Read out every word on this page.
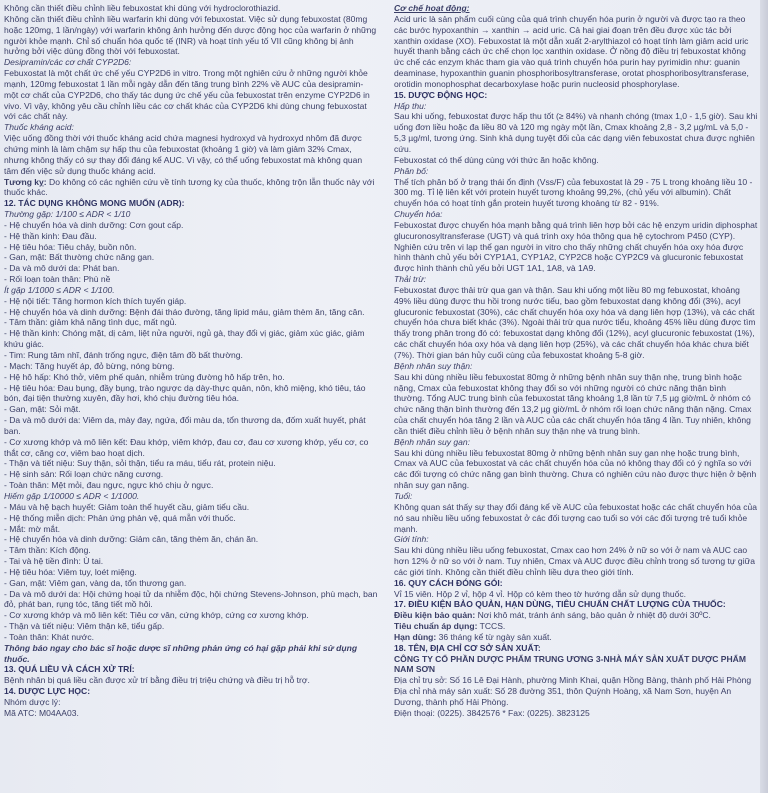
Không cần thiết điều chỉnh liều febuxostat khi dùng với hydroclorothiazid.

Không cần thiết điều chỉnh liều warfarin khi dùng với febuxostat. Việc sử dụng febuxostat (80mg hoặc 120mg, 1 lần/ngày) với warfarin không ảnh hưởng đến dược động học của warfarin ở những người khỏe mạnh. Chỉ số chuẩn hóa quốc tế (INR) và hoạt tính yếu tố VII cũng không bị ảnh hưởng bởi việc dùng đồng thời với febuxostat.

Desipramin/các cơ chất CYP2D6:

Febuxostat là một chất ức chế yếu CYP2D6 in vitro. Trong một nghiên cứu ở những người khỏe mạnh, 120mg febuxostat 1 lần mỗi ngày dẫn đến tăng trung bình 22% về AUC của desipramin- một cơ chất của CYP2D6, cho thấy tác dụng ức chế yếu của febuxostat trên enzyme CYP2D6 in vivo. Vì vậy, không yêu cầu chỉnh liều các cơ chất khác của CYP2D6 khi dùng chung febuxostat với các chất này.

Thuốc kháng acid:

Việc uống đồng thời với thuốc kháng acid chứa magnesi hydroxyd và hydroxyd nhôm đã được chứng minh là làm chậm sự hấp thu của febuxostat (khoảng 1 giờ) và làm giảm 32% Cmax, nhưng không thấy có sự thay đổi đáng kể AUC. Vì vậy, có thể uống febuxostat mà không quan tâm đến việc sử dụng thuốc kháng acid.

Tương kỵ: Do không có các nghiên cứu về tính tương kỵ của thuốc, không trộn lẫn thuốc này với thuốc khác.

12. TÁC DỤNG KHÔNG MONG MUỐN (ADR):

Thường gặp: 1/100 ≤ ADR < 1/10

- Hệ chuyển hóa và dinh dưỡng: Cơn gout cấp.

- Hệ thần kinh: Đau đầu.

- Hệ tiêu hóa: Tiêu chảy, buồn nôn.

- Gan, mật: Bất thường chức năng gan.

- Da và mô dưới da: Phát ban.

- Rối loạn toàn thân: Phù nề

Ít gặp 1/1000 ≤ ADR < 1/100.

- Hệ nội tiết: Tăng hormon kích thích tuyến giáp.

- Hệ chuyển hóa và dinh dưỡng: Bệnh đái tháo đường, tăng lipid máu, giảm thèm ăn, tăng cân.

- Tâm thần: giảm khả năng tình dục, mất ngủ.

- Hệ thần kinh: Chóng mặt, dị cảm, liệt nửa người, ngủ gà, thay đổi vị giác, giảm xúc giác, giảm khứu giác.

- Tim: Rung tâm nhĩ, đánh trống ngực, điện tâm đồ bất thường.

- Mạch: Tăng huyết áp, đỏ bừng, nóng bừng.

- Hệ hô hấp: Khó thở, viêm phế quản, nhiễm trùng đường hô hấp trên, ho.

- Hệ tiêu hóa: Đau bụng, đầy bụng, trào ngược dạ dày-thực quản, nôn, khô miệng, khó tiêu, táo bón, đại tiện thường xuyên, đầy hơi, khó chịu đường tiêu hóa.

- Gan, mật: Sỏi mật.

- Da và mô dưới da: Viêm da, mày đay, ngứa, đổi màu da, tổn thương da, đốm xuất huyết, phát ban.

- Cơ xương khớp và mô liên kết: Đau khớp, viêm khớp, đau cơ, đau cơ xương khớp, yếu cơ, co thắt cơ, căng cơ, viêm bao hoạt dịch.

- Thận và tiết niệu: Suy thận, sỏi thận, tiểu ra máu, tiểu rát, protein niệu.

- Hệ sinh sản: Rối loạn chức năng cương.

- Toàn thân: Mệt mỏi, đau ngực, ngực khó chịu ở ngực.

Hiếm gặp 1/10000 ≤ ADR < 1/1000.

- Máu và hệ bạch huyết: Giảm toàn thể huyết cầu, giảm tiểu cầu.

- Hệ thống miễn dịch: Phản ứng phản vệ, quá mẫn với thuốc.

- Mắt: mờ mắt.

- Hệ chuyển hóa và dinh dưỡng: Giảm cân, tăng thèm ăn, chán ăn.

- Tâm thần: Kích động.

- Tai và hệ tiền đình: Ù tai.

- Hệ tiêu hóa: Viêm tụy, loét miệng.

- Gan, mật: Viêm gan, vàng da, tổn thương gan.

- Da và mô dưới da: Hội chứng hoại tử da nhiễm độc, hội chứng Stevens-Johnson, phù mạch, ban đỏ, phát ban, rụng tóc, tăng tiết mồ hôi.

- Cơ xương khớp và mô liên kết: Tiêu cơ vân, cứng khớp, cứng cơ xương khớp.

- Thận và tiết niệu: Viêm thận kẽ, tiểu gấp.

- Toàn thân: Khát nước.

Thông báo ngay cho bác sĩ hoặc dược sĩ những phản ứng có hại gặp phải khi sử dụng thuốc.

13. QUÁ LIỀU VÀ CÁCH XỬ TRÍ:

Bệnh nhân bị quá liều cần được xử trí bằng điều trị triệu chứng và điều trị hỗ trợ.

14. DƯỢC LỰC HỌC:

Nhóm dược lý:

Mã ATC: M04AA03.

Cơ chế hoạt động:

Acid uric là sản phẩm cuối cùng của quá trình chuyển hóa purin ở người và được tạo ra theo các bước hypoxanthin → xanthin → acid uric. Cả hai giai đoạn trên đều được xúc tác bởi xanthin oxidase (XO). Febuxostat là một dẫn xuất 2-arylthiazol có hoạt tính làm giảm acid uric huyết thanh bằng cách ức chế chọn lọc xanthin oxidase. Ở nồng độ điều trị febuxostat không ức chế các enzym khác tham gia vào quá trình chuyển hóa purin hay pyrimidin như: guanin deaminase, hypoxanthin guanin phosphoribosyltransferase, orotat phosphoribosyltransferase, orotidin monophosphat decarboxylase hoặc purin nucleosid phosphorylase.

15. DƯỢC ĐỘNG HỌC:

Hấp thu:

Sau khi uống, febuxostat được hấp thu tốt (≥ 84%) và nhanh chóng (tmax 1,0 - 1,5 giờ). Sau khi uống đơn liều hoặc đa liều 80 và 120 mg ngày một lần, Cmax khoảng 2,8 - 3,2 µg/mL và 5,0 - 5,3 µg/ml, tương ứng. Sinh khả dụng tuyệt đối của các dạng viên febuxostat chưa được nghiên cứu.

Febuxostat có thể dùng cùng với thức ăn hoặc không.

Phân bố:

Thể tích phân bố ở trạng thái ổn định (Vss/F) của febuxostat là 29 - 75 L trong khoảng liều 10 - 300 mg. Tỉ lệ liên kết với protein huyết tương khoảng 99,2%, (chủ yếu với albumin). Chất chuyển hóa có hoạt tính gắn protein huyết tương khoảng từ 82 - 91%.

Chuyển hóa:

Febuxostat được chuyển hóa mạnh bằng quá trình liên hợp bởi các hệ enzym uridin diphosphat glucuronosyltransferase (UGT) và quá trình oxy hóa thông qua hệ cytochrom P450 (CYP). Nghiên cứu trên vi lạp thể gan người in vitro cho thấy những chất chuyển hóa oxy hóa được hình thành chủ yếu bởi CYP1A1, CYP1A2, CYP2C8 hoặc CYP2C9 và glucuronic febuxostat được hình thành chủ yếu bởi UGT 1A1, 1A8, và 1A9.

Thải trừ:

Febuxostat được thải trừ qua gan và thận. Sau khi uống một liều 80 mg febuxostat, khoảng 49% liều dùng được thu hồi trong nước tiểu, bao gồm febuxostat dạng không đổi (3%), acyl glucuronic febuxostat (30%), các chất chuyển hóa oxy hóa và dạng liên hợp (13%), và các chất chuyển hóa chưa biết khác (3%). Ngoài thải trừ qua nước tiểu, khoảng 45% liều dùng được tìm thấy trong phân trong đó có: febuxostat dạng không đổi (12%), acyl glucuronic febuxostat (1%), các chất chuyển hóa oxy hóa và dạng liên hợp (25%), và các chất chuyển hóa khác chưa biết (7%). Thời gian bán hủy cuối cùng của febuxostat khoảng 5-8 giờ.

Bệnh nhân suy thận:

Sau khi dùng nhiều liều febuxostat 80mg ở những bệnh nhân suy thận nhẹ, trung bình hoặc nặng, Cmax của febuxostat không thay đổi so với những người có chức năng thận bình thường. Tổng AUC trung bình của febuxostat tăng khoảng 1,8 lần từ 7,5 µg giờ/mL ở nhóm có chức năng thận bình thường đến 13,2 µg giờ/mL ở nhóm rối loạn chức năng thận nặng. Cmax của chất chuyển hóa tăng 2 lần và AUC của các chất chuyển hóa tăng 4 lần. Tuy nhiên, không cần thiết điều chỉnh liều ở bệnh nhân suy thận nhẹ và trung bình.

Bệnh nhân suy gan:

Sau khi dùng nhiều liều febuxostat 80mg ở những bệnh nhân suy gan nhẹ hoặc trung bình, Cmax và AUC của febuxostat và các chất chuyển hóa của nó không thay đổi có ý nghĩa so với các đối tượng có chức năng gan bình thường. Chưa có nghiên cứu nào được thực hiện ở bệnh nhân suy gan nặng.

Tuổi:

Không quan sát thấy sự thay đổi đáng kể về AUC của febuxostat hoặc các chất chuyển hóa của nó sau nhiều liều uống febuxostat ở các đối tượng cao tuổi so với các đối tượng trẻ tuổi khỏe mạnh.

Giới tính:

Sau khi dùng nhiều liều uống febuxostat, Cmax cao hơn 24% ở nữ so với ở nam và AUC cao hơn 12% ở nữ so với ở nam. Tuy nhiên, Cmax và AUC được điều chỉnh trong số tương tự giữa các giới tính. Không cần thiết điều chỉnh liều dựa theo giới tính.

16. QUY CÁCH ĐÓNG GÓI:

Vỉ 15 viên. Hộp 2 vỉ, hộp 4 vỉ. Hộp có kèm theo tờ hướng dẫn sử dụng thuốc.

17. ĐIỀU KIỆN BẢO QUẢN, HẠN DÙNG, TIÊU CHUẨN CHẤT LƯỢNG CỦA THUỐC:

Điều kiện bảo quản: Nơi khô mát, tránh ánh sáng, bảo quản ở nhiệt độ dưới 30ºC.

Tiêu chuẩn áp dụng: TCCS.

Hạn dùng: 36 tháng kể từ ngày sản xuất.

18. TÊN, ĐỊA CHỈ CƠ SỞ SẢN XUẤT:

CÔNG TY CỔ PHẦN DƯỢC PHẨM TRUNG ƯƠNG 3-NHÀ MÁY SẢN XUẤT DƯỢC PHẨM NAM SƠN

Địa chỉ trụ sở: Số 16 Lê Đại Hành, phường Minh Khai, quận Hồng Bàng, thành phố Hải Phòng

Địa chỉ nhà máy sản xuất: Số 28 đường 351, thôn Quỳnh Hoàng, xã Nam Sơn, huyện An Dương, thành phố Hải Phòng.

Điện thoại: (0225). 3842576 * Fax: (0225). 3823125
